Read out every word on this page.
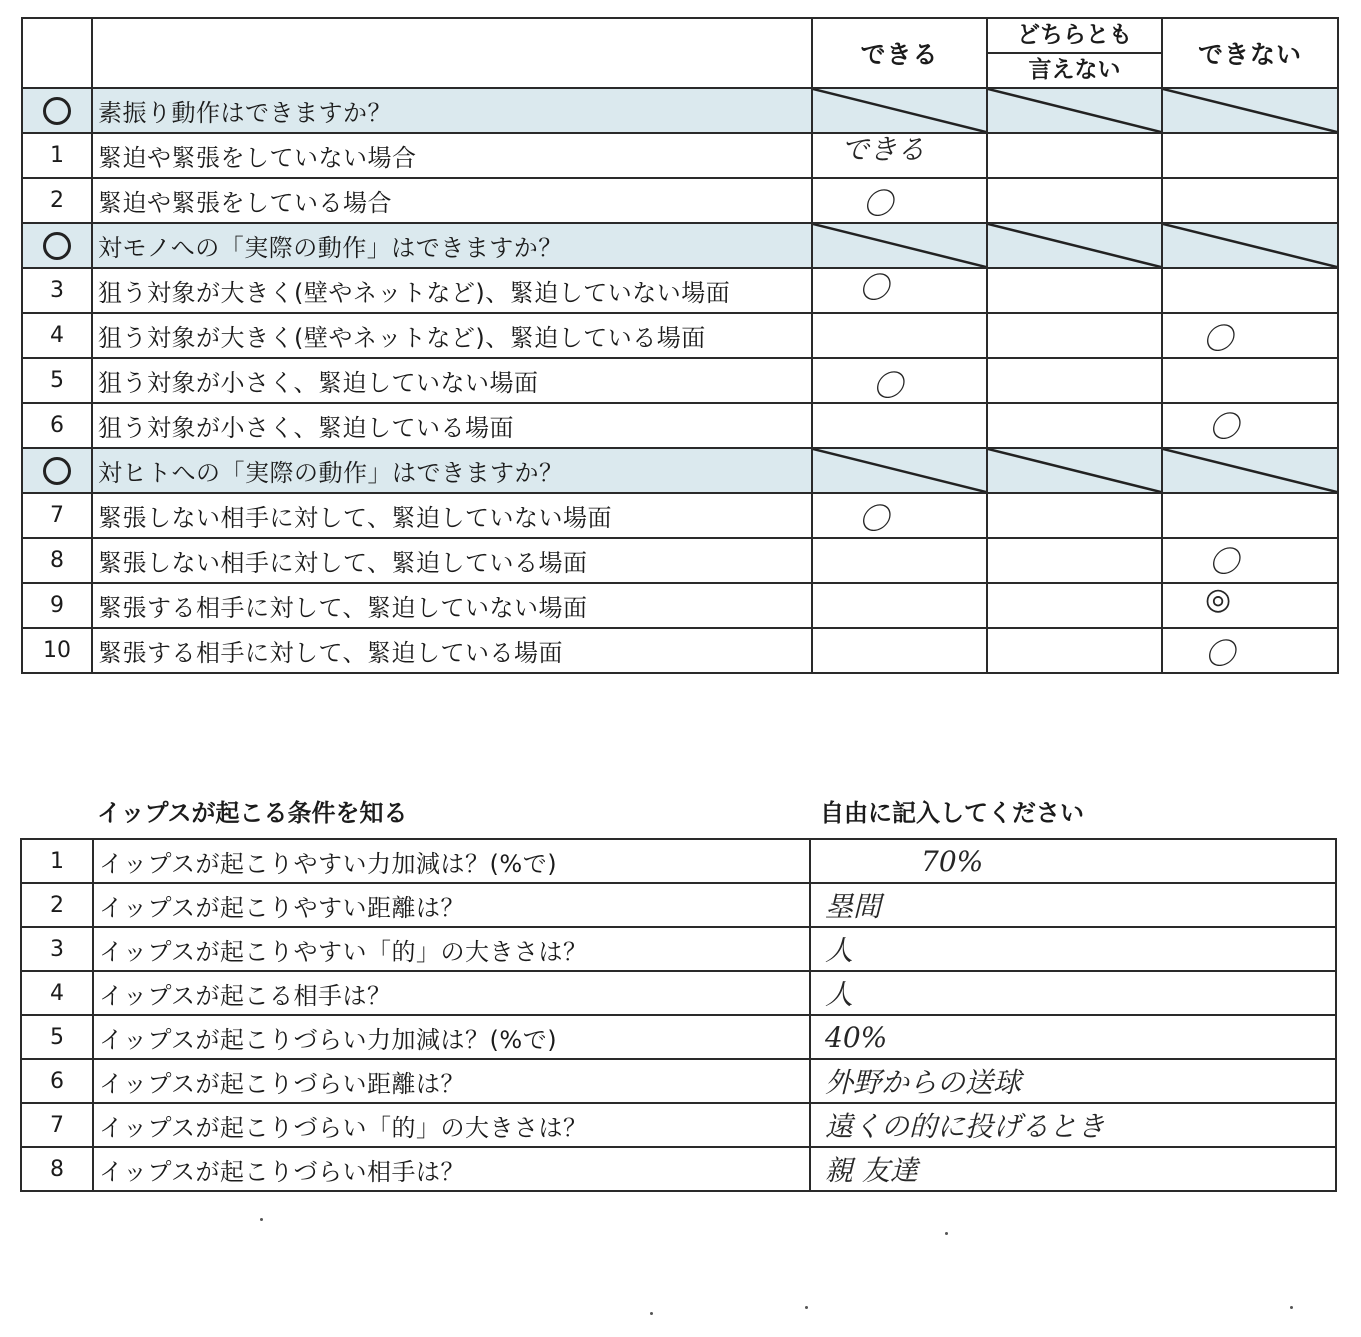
		できる	どちらとも	できない
			言えない	
	素振り動作はできますか？	

1	緊迫や緊張をしていない場合	できる		

2	緊迫や緊張をしている場合	〇		

	対モノへの「実際の動作」はできますか？	

3	狙う対象が大きく(壁やネットなど)、緊迫していない場面	〇		

4	狙う対象が大きく(壁やネットなど)、緊迫している場面			〇

5	狙う対象が小さく、緊迫していない場面	〇		

6	狙う対象が小さく、緊迫している場面			〇

	対ヒトへの「実際の動作」はできますか？	

7	緊張しない相手に対して、緊迫していない場面	〇		

8	緊張しない相手に対して、緊迫している場面			〇

9	緊張する相手に対して、緊迫していない場面			◎

10	緊張する相手に対して、緊迫している場面			〇
イップスが起こる条件を知る	自由に記入してください
1	イップスが起こりやすい力加減は？(%で)	70%
2	イップスが起こりやすい距離は？	塁間
3	イップスが起こりやすい「的」の大きさは？	人
4	イップスが起こる相手は？	人
5	イップスが起こりづらい力加減は？(%で)	40%
6	イップスが起こりづらい距離は？	外野からの送球
7	イップスが起こりづらい「的」の大きさは？	遠くの的に投げるとき
8	イップスが起こりづらい相手は？	親 友達
